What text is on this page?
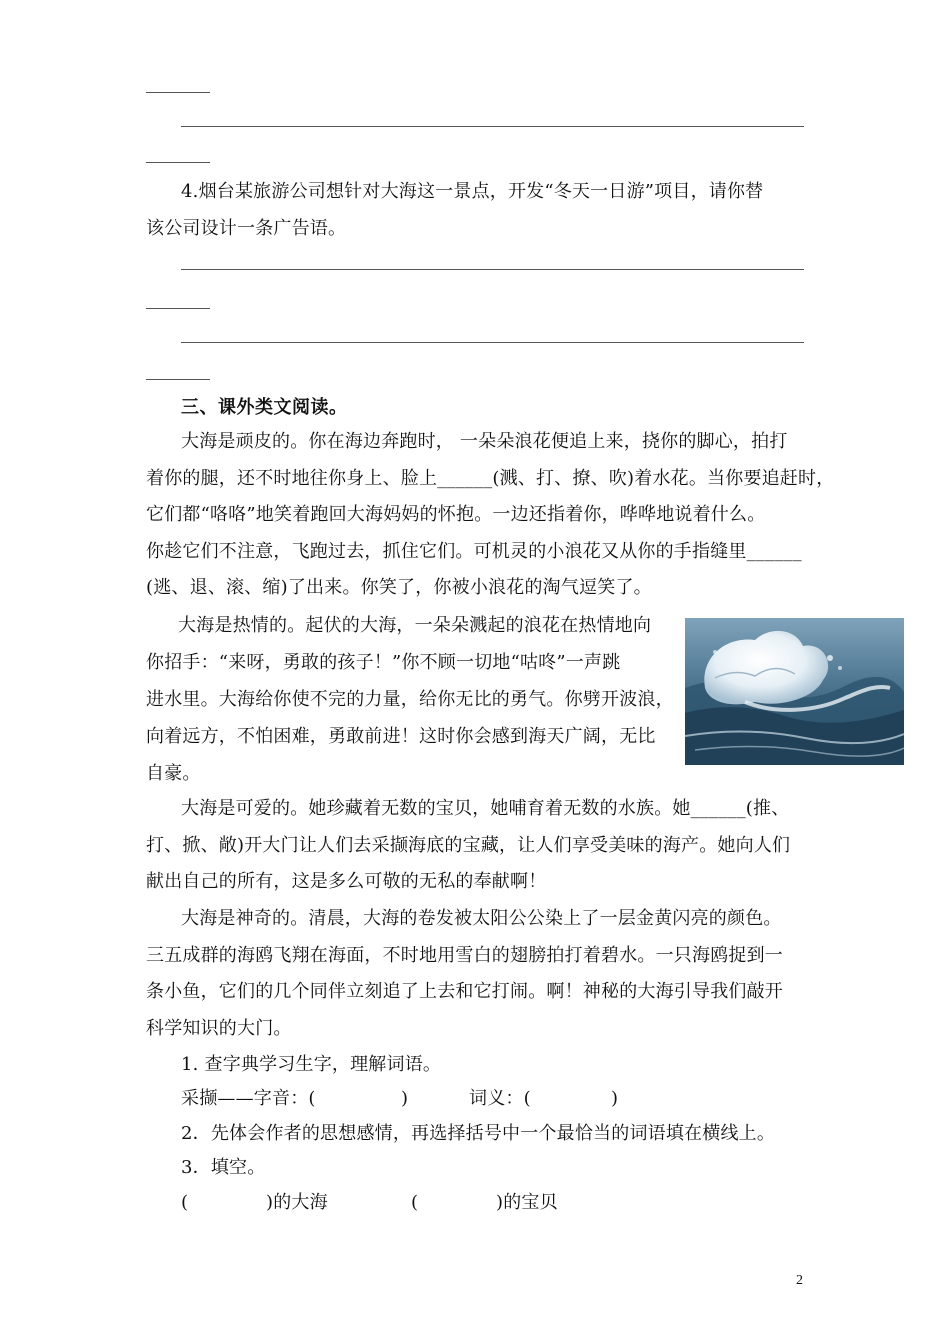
4.烟台某旅游公司想针对大海这一景点，开发“冬天一日游”项目，请你替
该公司设计一条广告语。
三、课外类文阅读。
大海是顽皮的。你在海边奔跑时， 一朵朵浪花便追上来，挠你的脚心，拍打
着你的腿，还不时地往你身上、脸上______(溅、打、撩、吹)着水花。当你要追赶时，
它们都“咯咯”地笑着跑回大海妈妈的怀抱。一边还指着你，哗哗地说着什么。
你趁它们不注意，飞跑过去，抓住它们。可机灵的小浪花又从你的手指缝里______
(逃、退、滚、缩)了出来。你笑了，你被小浪花的淘气逗笑了。
大海是热情的。起伏的大海，一朵朵溅起的浪花在热情地向
你招手：“来呀，勇敢的孩子！”你不顾一切地“咕咚”一声跳
进水里。大海给你使不完的力量，给你无比的勇气。你劈开波浪，
向着远方，不怕困难，勇敢前进！这时你会感到海天广阔，无比
自豪。
大海是可爱的。她珍藏着无数的宝贝，她哺育着无数的水族。她______(推、
打、掀、敞)开大门让人们去采撷海底的宝藏，让人们享受美味的海产。她向人们
献出自己的所有，这是多么可敬的无私的奉献啊！
大海是神奇的。清晨，大海的卷发被太阳公公染上了一层金黄闪亮的颜色。
三五成群的海鸥飞翔在海面，不时地用雪白的翅膀拍打着碧水。一只海鸥捉到一
条小鱼，它们的几个同伴立刻追了上去和它打闹。啊！神秘的大海引导我们敲开
科学知识的大门。
1. 查字典学习生字，理解词语。
采撷——字音：(	)	词义：(	)
2．先体会作者的思想感情，再选择括号中一个最恰当的词语填在横线上。
3．填空。
(	)的大海	(	)的宝贝
2
